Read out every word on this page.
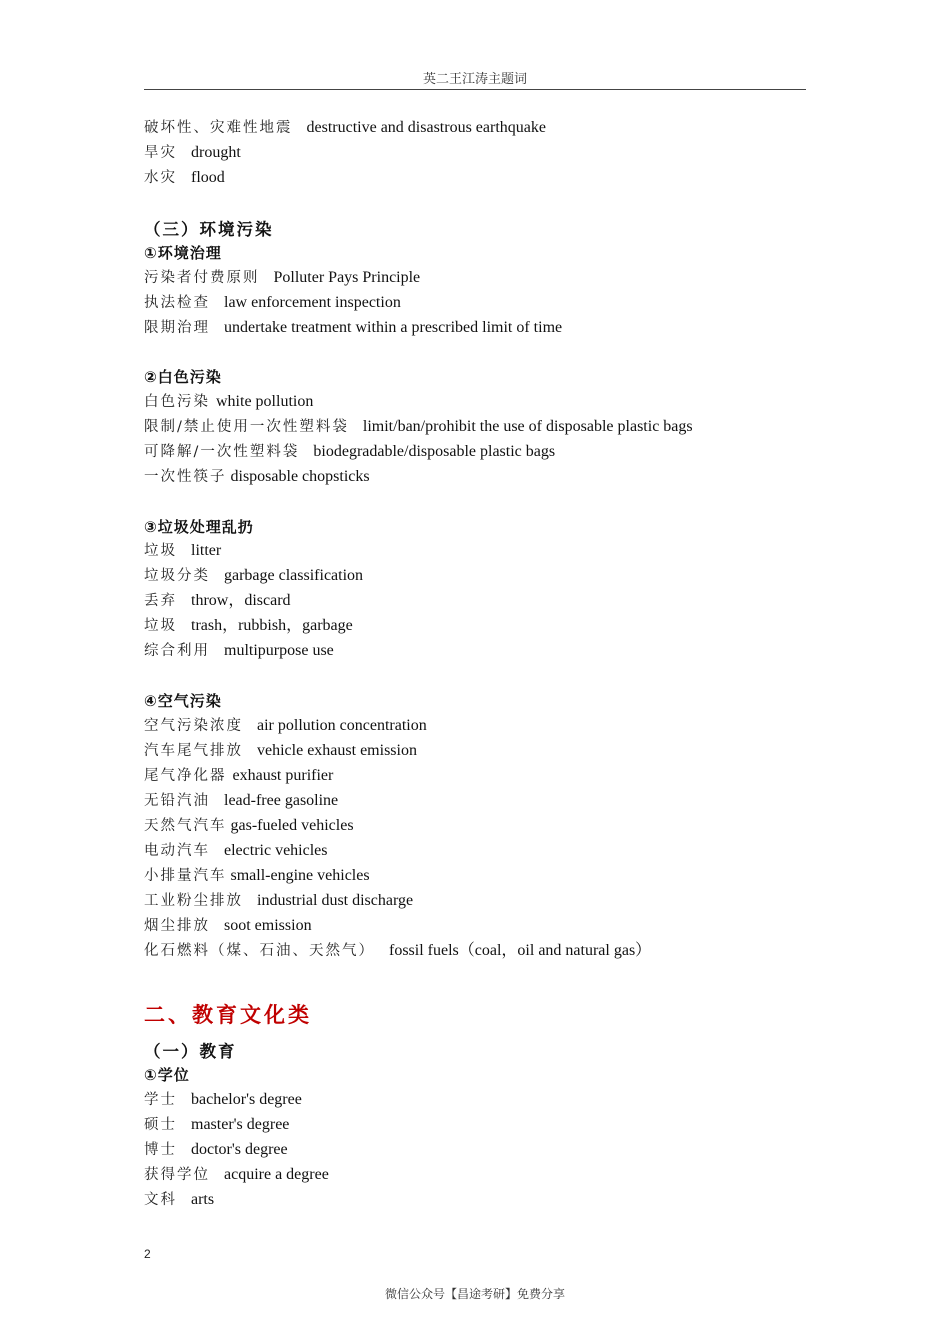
英二王江涛主题词
破坏性、灾难性地震 destructive and disastrous earthquake
旱灾 drought
水灾 flood
（三）环境污染
①环境治理
污染者付费原则 Polluter Pays Principle
执法检查 law enforcement inspection
限期治理 undertake treatment within a prescribed limit of time
②白色污染
白色污染 white pollution
限制/禁止使用一次性塑料袋 limit/ban/prohibit the use of disposable plastic bags
可降解/一次性塑料袋 biodegradable/disposable plastic bags
一次性筷子 disposable chopsticks
③垃圾处理乱扔
垃圾 litter
垃圾分类 garbage classification
丢弃 throw，discard
垃圾 trash，rubbish，garbage
综合利用 multipurpose use
④空气污染
空气污染浓度 air pollution concentration
汽车尾气排放 vehicle exhaust emission
尾气净化器 exhaust purifier
无铅汽油 lead-free gasoline
天然气汽车 gas-fueled vehicles
电动汽车 electric vehicles
小排量汽车 small-engine vehicles
工业粉尘排放 industrial dust discharge
烟尘排放 soot emission
化石燃料（煤、石油、天然气） fossil fuels（coal，oil and natural gas）
二、教育文化类
（一）教育
①学位
学士 bachelor's degree
硕士 master's degree
博士 doctor's degree
获得学位 acquire a degree
文科 arts
2
微信公众号【昌途考研】免费分享
